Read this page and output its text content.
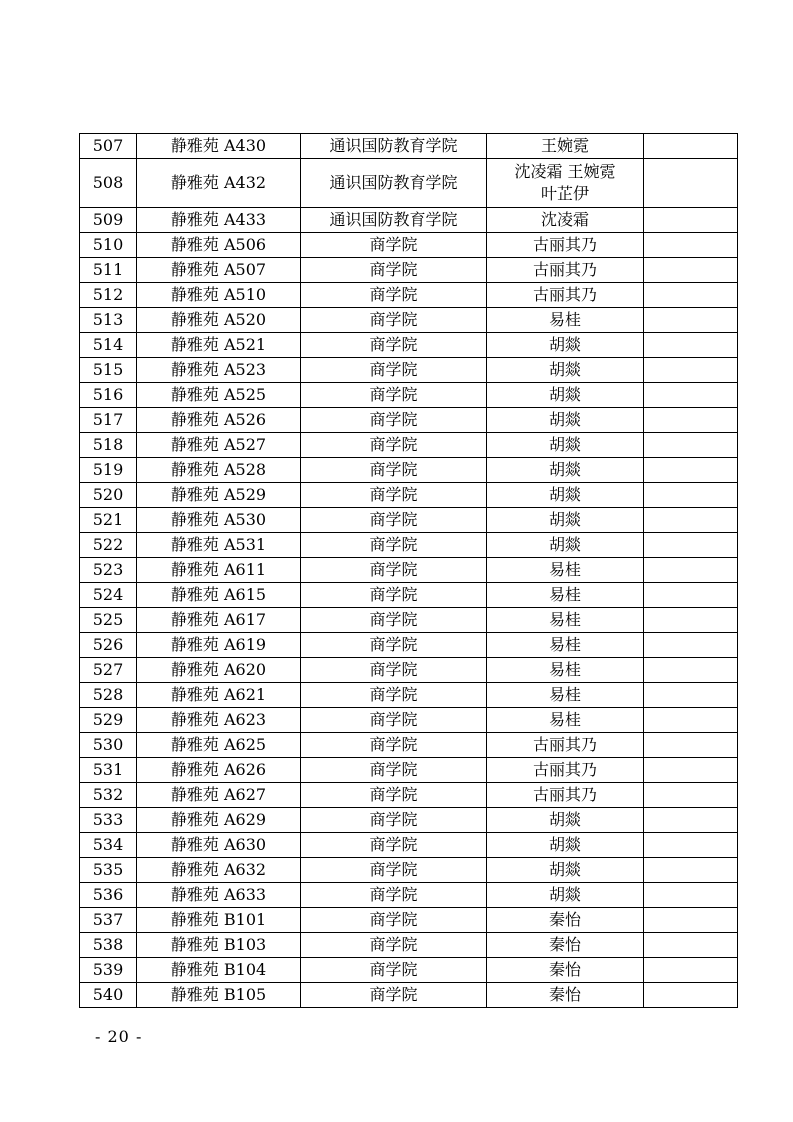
507	静雅苑 A430	通识国防教育学院	王婉霓	
508	静雅苑 A432	通识国防教育学院	沈凌霜 王婉霓
叶芷伊	

509	静雅苑 A433	通识国防教育学院	沈凌霜	
510	静雅苑 A506	商学院	古丽其乃	
511	静雅苑 A507	商学院	古丽其乃	
512	静雅苑 A510	商学院	古丽其乃	
513	静雅苑 A520	商学院	易桂	
514	静雅苑 A521	商学院	胡燚	
515	静雅苑 A523	商学院	胡燚	
516	静雅苑 A525	商学院	胡燚	
517	静雅苑 A526	商学院	胡燚	
518	静雅苑 A527	商学院	胡燚	
519	静雅苑 A528	商学院	胡燚	
520	静雅苑 A529	商学院	胡燚	
521	静雅苑 A530	商学院	胡燚	
522	静雅苑 A531	商学院	胡燚	
523	静雅苑 A611	商学院	易桂	
524	静雅苑 A615	商学院	易桂	
525	静雅苑 A617	商学院	易桂	
526	静雅苑 A619	商学院	易桂	
527	静雅苑 A620	商学院	易桂	
528	静雅苑 A621	商学院	易桂	
529	静雅苑 A623	商学院	易桂	
530	静雅苑 A625	商学院	古丽其乃	
531	静雅苑 A626	商学院	古丽其乃	
532	静雅苑 A627	商学院	古丽其乃	
533	静雅苑 A629	商学院	胡燚	
534	静雅苑 A630	商学院	胡燚	
535	静雅苑 A632	商学院	胡燚	
536	静雅苑 A633	商学院	胡燚	
537	静雅苑 B101	商学院	秦怡	
538	静雅苑 B103	商学院	秦怡	
539	静雅苑 B104	商学院	秦怡	
540	静雅苑 B105	商学院	秦怡	
- 20 -
